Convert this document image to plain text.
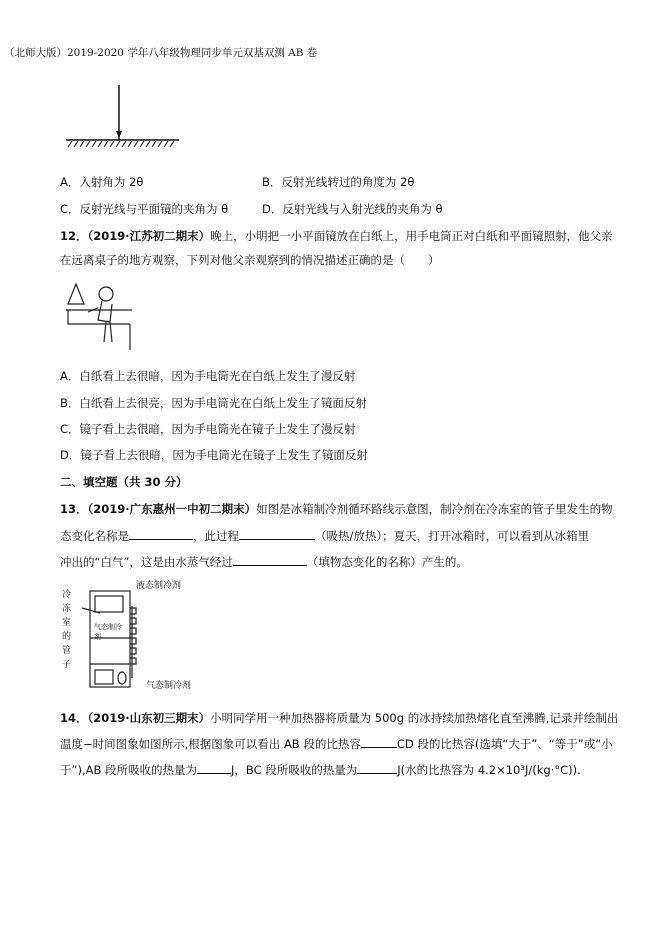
（北师大版）2019-2020 学年八年级物理同步单元双基双测 AB 卷
A．入射角为 2θ	B．反射光线转过的角度为 2θ
C．反射光线与平面镜的夹角为 θ	D．反射光线与入射光线的夹角为 θ
12．（2019·江苏初二期末）晚上，小明把一小平面镜放在白纸上，用手电筒正对白纸和平面镜照射，他父亲
在远离桌子的地方观察，下列对他父亲观察到的情况描述正确的是（　　）
A．白纸看上去很暗，因为手电筒光在白纸上发生了漫反射
B．白纸看上去很亮，因为手电筒光在白纸上发生了镜面反射
C．镜子看上去很暗，因为手电筒光在镜子上发生了漫反射
D．镜子看上去很暗，因为手电筒光在镜子上发生了镜面反射
二、填空题（共 30 分）
13．（2019·广东惠州一中初二期末）如图是冰箱制冷剂循环路线示意图，制冷剂在冷冻室的管子里发生的物
态变化名称是	，此过程	（吸热/放热）；夏天，打开冰箱时，可以看到从冰箱里
冲出的“白气”，这是由水蒸气经过	（填物态变化的名称）产生的。
液态制冷剂
气态制冷剂
气态制冷剂
冷冻室的管子
14．（2019·山东初三期末）小明同学用一种加热器将质量为 500g 的冰持续加热熔化直至沸腾,记录并绘制出
温度−时间图象如图所示,根据图象可以看出 AB 段的比热容	CD 段的比热容(选填“大于”、“等于”或“小
于”),AB 段所吸收的热量为	J，BC 段所吸收的热量为	J(水的比热容为 4.2×10³J/(kg·°C)).
